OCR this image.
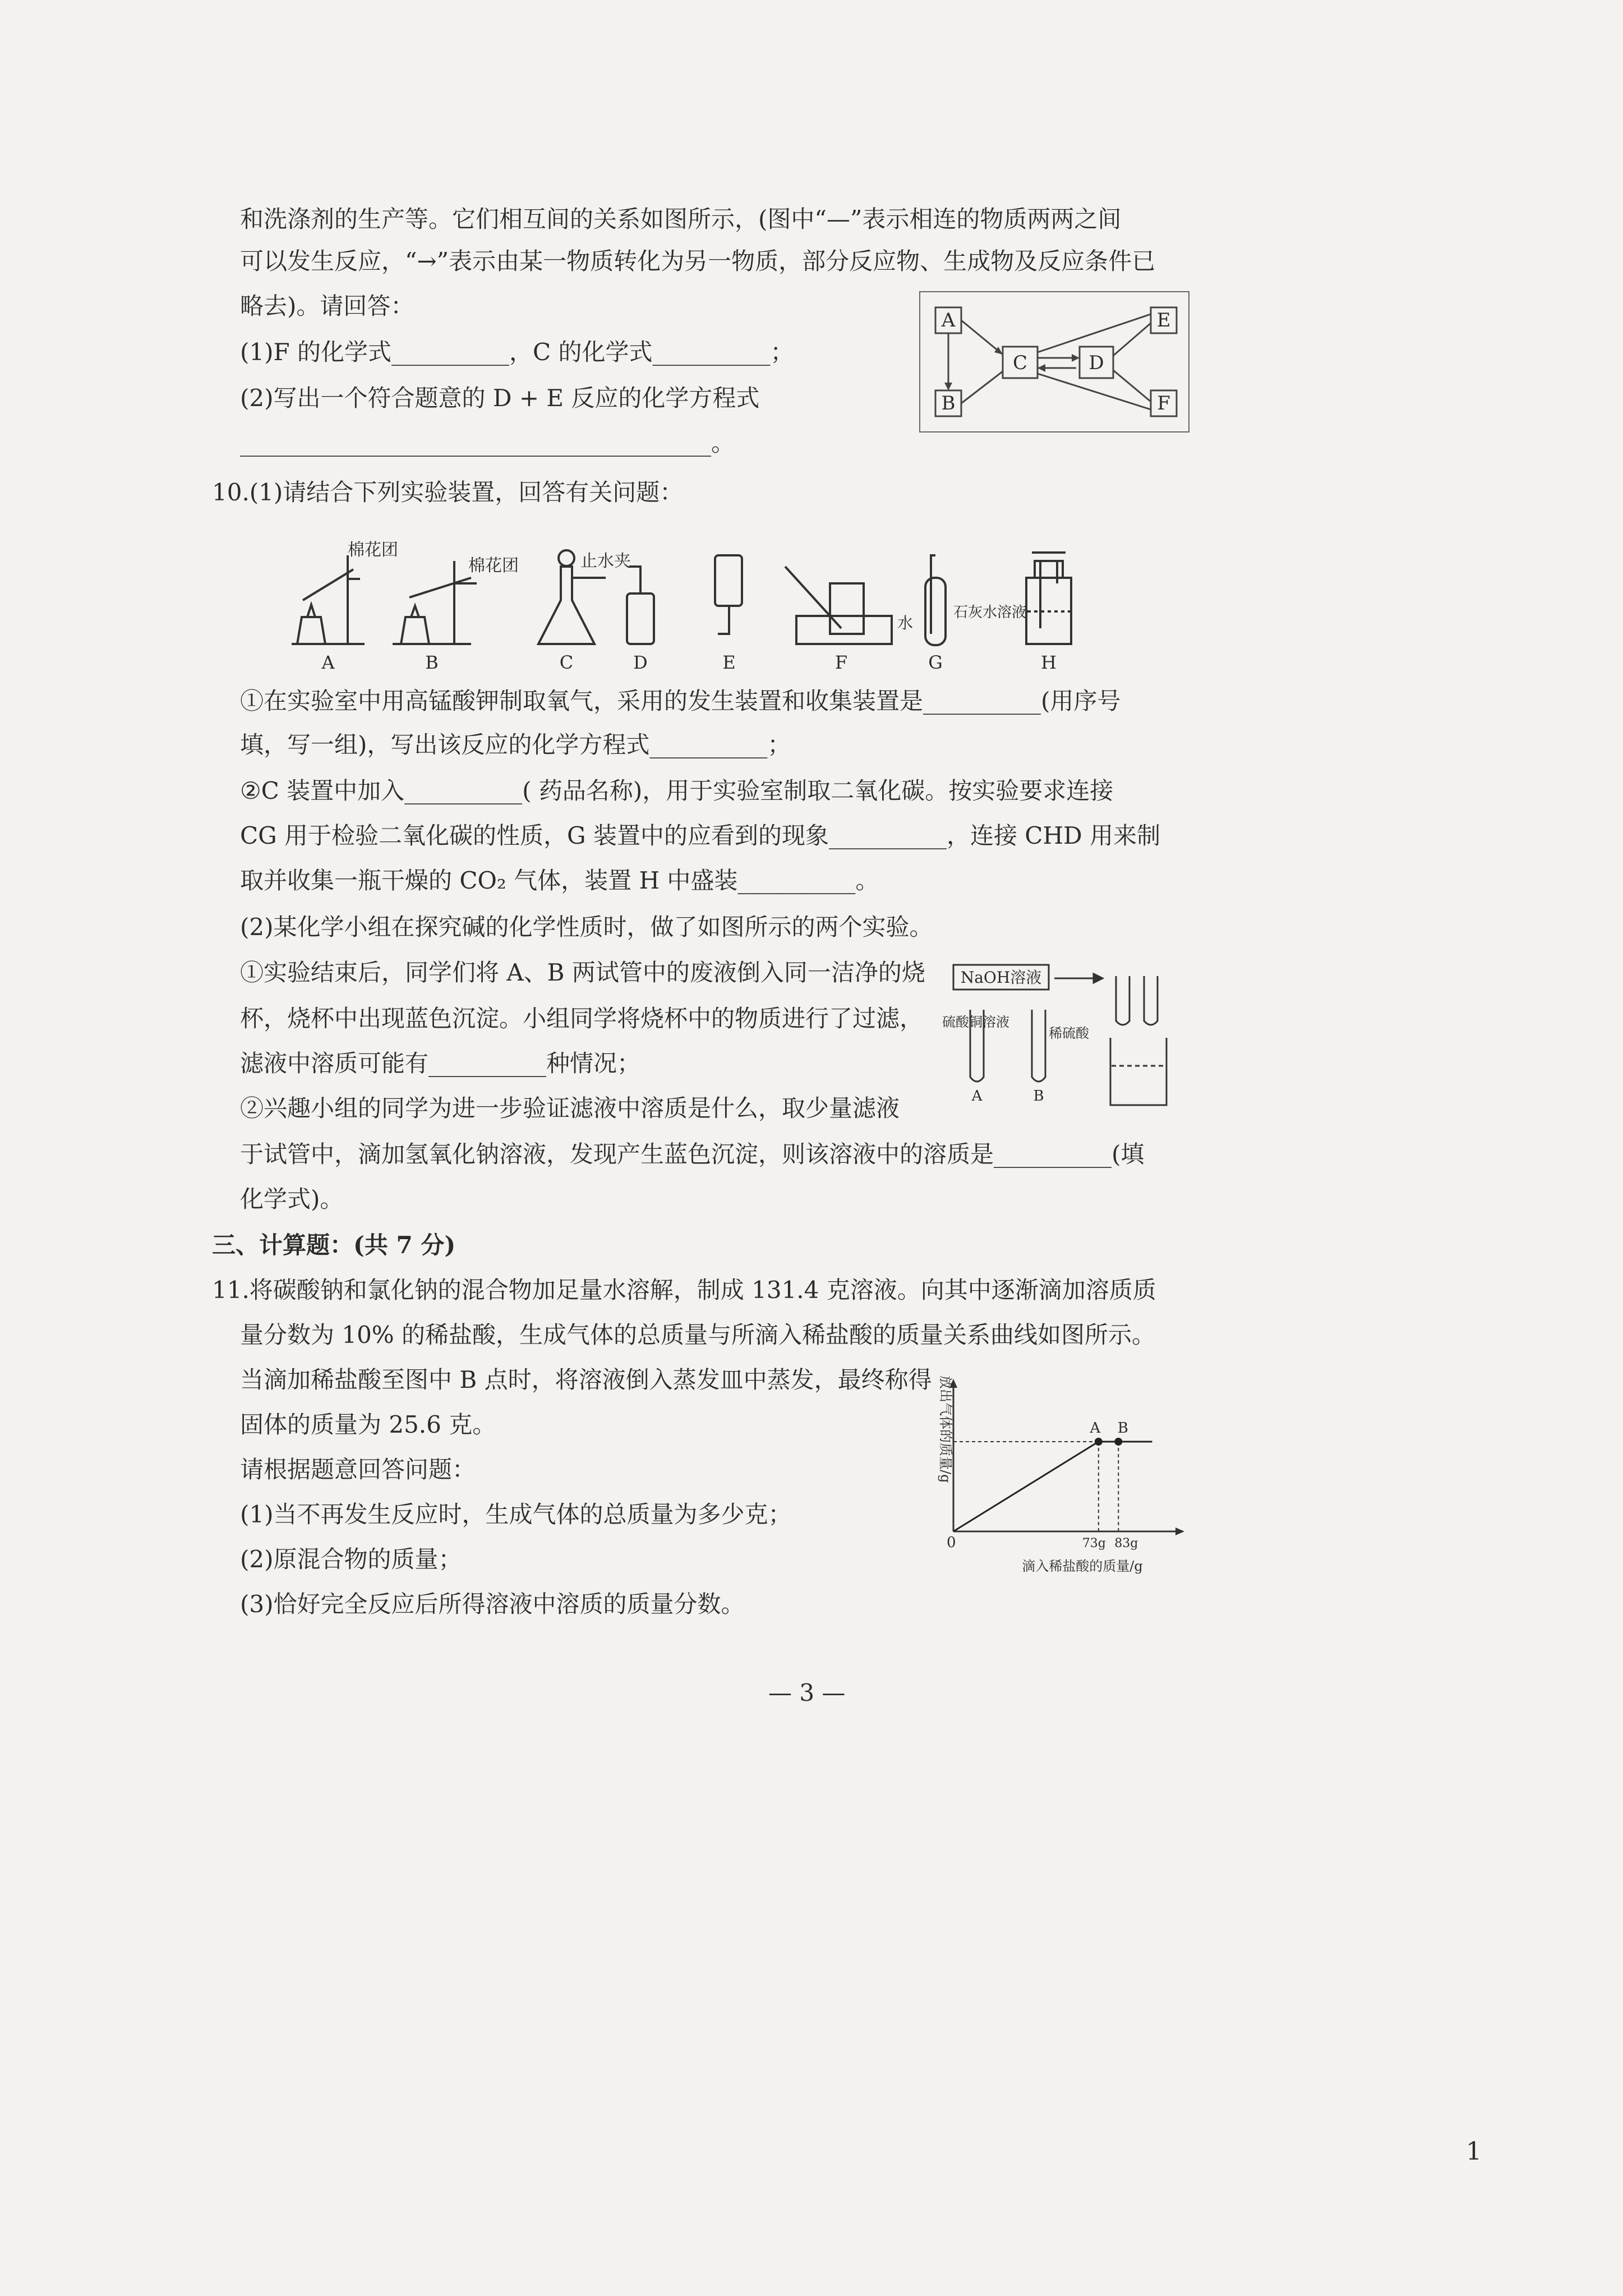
和洗涤剂的生产等。它们相互间的关系如图所示，(图中“—”表示相连的物质两两之间
可以发生反应，“→”表示由某一物质转化为另一物质，部分反应物、生成物及反应条件已
略去)。请回答：
(1)F 的化学式__________，C 的化学式__________；
(2)写出一个符合题意的 D + E 反应的化学方程式
________________________________________。
A
B
C	D
E
F
10.(1)请结合下列实验装置，回答有关问题：
棉花团
棉花团	止水夹
水
石灰水溶液
A	B	C	D	E	F	G	H
①在实验室中用高锰酸钾制取氧气，采用的发生装置和收集装置是__________(用序号
填，写一组)，写出该反应的化学方程式__________；
②C 装置中加入__________( 药品名称)，用于实验室制取二氧化碳。按实验要求连接
CG 用于检验二氧化碳的性质，G 装置中的应看到的现象__________，连接 CHD 用来制
取并收集一瓶干燥的 CO₂ 气体，装置 H 中盛装__________。
(2)某化学小组在探究碱的化学性质时，做了如图所示的两个实验。
①实验结束后，同学们将 A、B 两试管中的废液倒入同一洁净的烧
杯，烧杯中出现蓝色沉淀。小组同学将烧杯中的物质进行了过滤，
滤液中溶质可能有__________种情况；
②兴趣小组的同学为进一步验证滤液中溶质是什么，取少量滤液
于试管中，滴加氢氧化钠溶液，发现产生蓝色沉淀，则该溶液中的溶质是__________(填
化学式)。
NaOH溶液
硫酸铜溶液
稀硫酸
A	B
三、计算题：(共 7 分)
11.将碳酸钠和氯化钠的混合物加足量水溶解，制成 131.4 克溶液。向其中逐渐滴加溶质质
量分数为 10% 的稀盐酸，生成气体的总质量与所滴入稀盐酸的质量关系曲线如图所示。
当滴加稀盐酸至图中 B 点时，将溶液倒入蒸发皿中蒸发，最终称得
固体的质量为 25.6 克。
请根据题意回答问题：
(1)当不再发生反应时，生成气体的总质量为多少克；
(2)原混合物的质量；
(3)恰好完全反应后所得溶液中溶质的质量分数。
放出气体的质量/g
0	73g 83g
A B
滴入稀盐酸的质量/g
— 3 —
1
